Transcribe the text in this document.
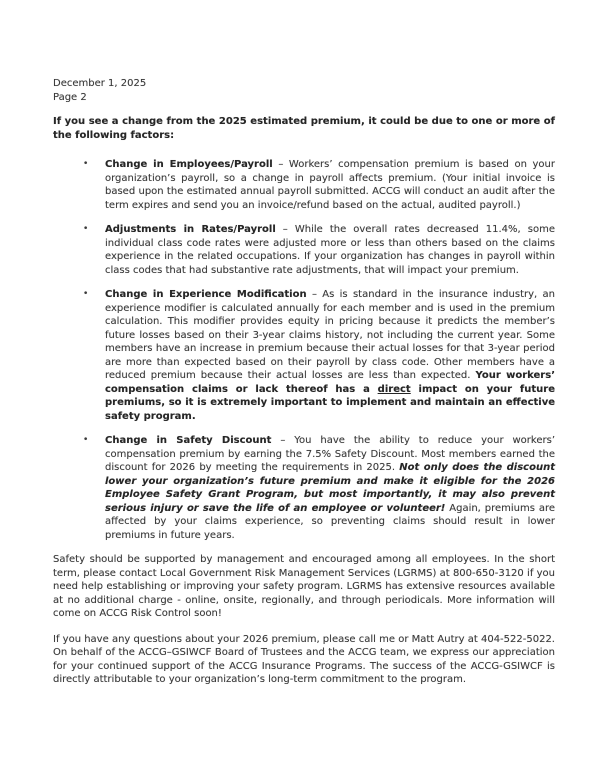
December 1, 2025

Page 2

If you see a change from the 2025 estimated premium, it could be due to one or more of the following factors:

• Change in Employees/Payroll – Workers’ compensation premium is based on your organization’s payroll, so a change in payroll affects premium. (Your initial invoice is based upon the estimated annual payroll submitted. ACCG will conduct an audit after the term expires and send you an invoice/refund based on the actual, audited payroll.)
• Adjustments in Rates/Payroll – While the overall rates decreased 11.4%, some individual class code rates were adjusted more or less than others based on the claims experience in the related occupations. If your organization has changes in payroll within class codes that had substantive rate adjustments, that will impact your premium.
• Change in Experience Modification – As is standard in the insurance industry, an experience modifier is calculated annually for each member and is used in the premium calculation. This modifier provides equity in pricing because it predicts the member’s future losses based on their 3-year claims history, not including the current year. Some members have an increase in premium because their actual losses for that 3-year period are more than expected based on their payroll by class code. Other members have a reduced premium because their actual losses are less than expected. Your workers’ compensation claims or lack thereof has a direct impact on your future premiums, so it is extremely important to implement and maintain an effective safety program.
• Change in Safety Discount – You have the ability to reduce your workers’ compensation premium by earning the 7.5% Safety Discount. Most members earned the discount for 2026 by meeting the requirements in 2025. Not only does the discount lower your organization’s future premium and make it eligible for the 2026 Employee Safety Grant Program, but most importantly, it may also prevent serious injury or save the life of an employee or volunteer! Again, premiums are affected by your claims experience, so preventing claims should result in lower premiums in future years.

Safety should be supported by management and encouraged among all employees. In the short term, please contact Local Government Risk Management Services (LGRMS) at 800-650-3120 if you need help establishing or improving your safety program. LGRMS has extensive resources available at no additional charge - online, onsite, regionally, and through periodicals. More information will come on ACCG Risk Control soon!

If you have any questions about your 2026 premium, please call me or Matt Autry at 404-522-5022. On behalf of the ACCG–GSIWCF Board of Trustees and the ACCG team, we express our appreciation for your continued support of the ACCG Insurance Programs. The success of the ACCG-GSIWCF is directly attributable to your organization’s long-term commitment to the program.
